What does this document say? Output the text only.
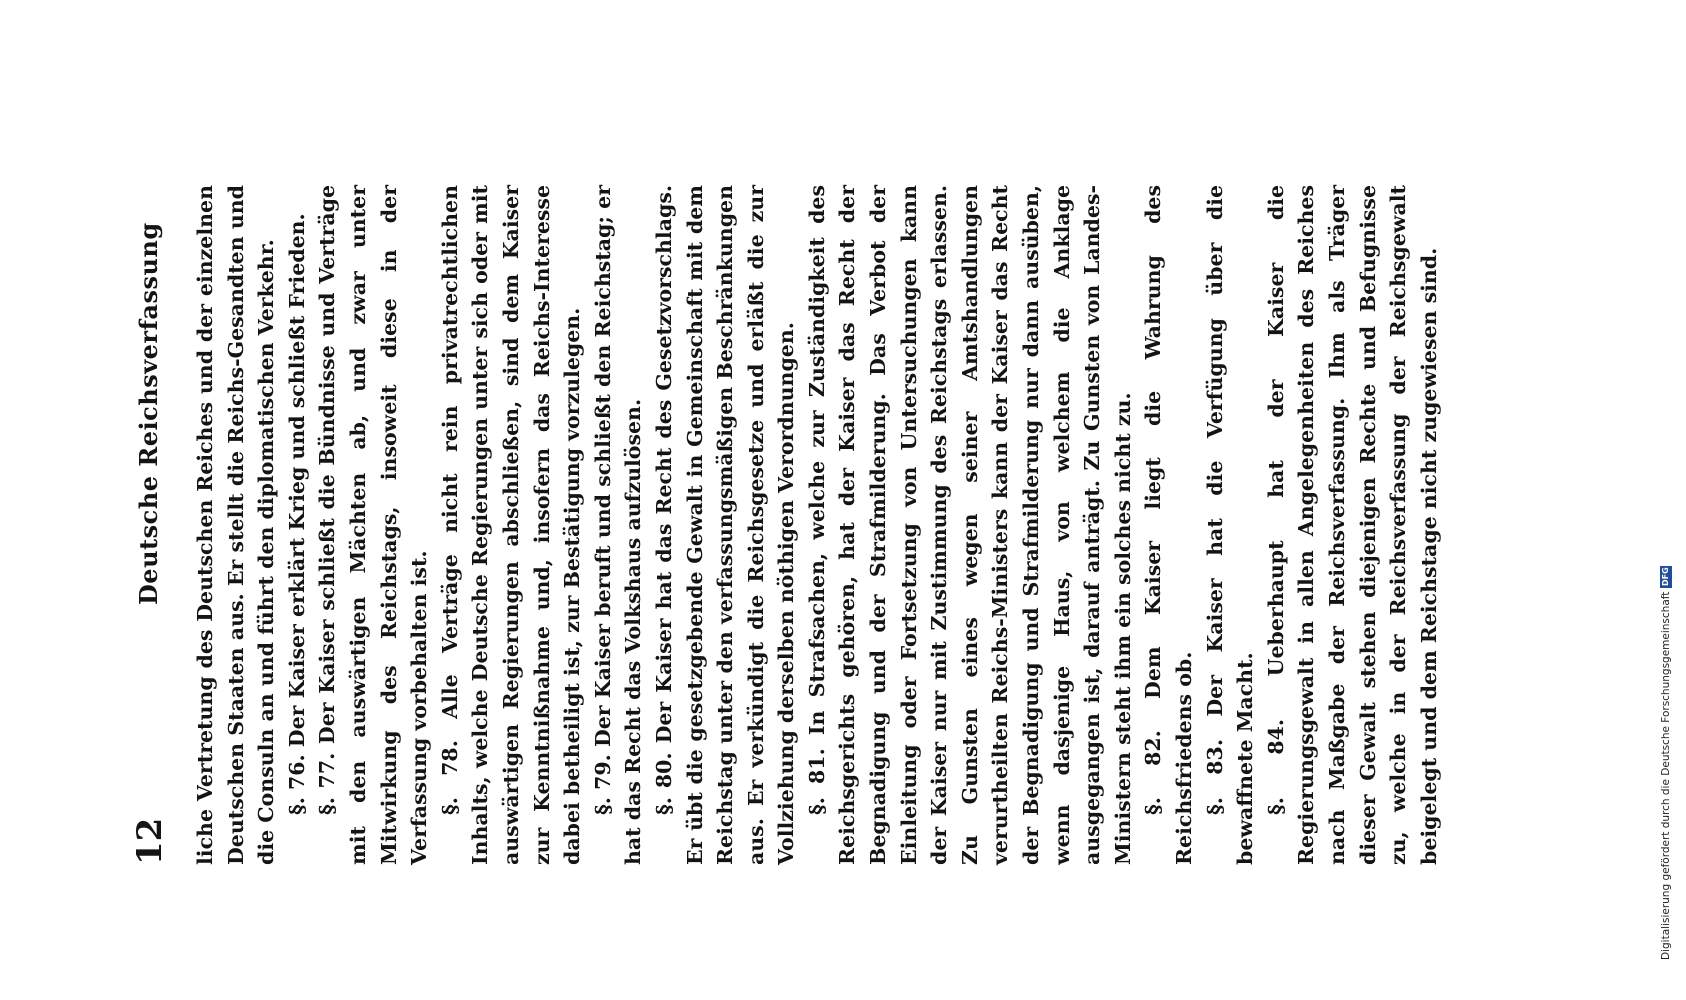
12
Deutsche Reichsverfassung liche Vertretung des Deutschen Reiches und der einzelnen Deutschen Staaten aus. Er stellt die Reichs-Gesandten und die Consuln an und führt den diplomatischen Verkehr. §. 76. Der Kaiser erklärt Krieg und schließt Frieden.

§. 77. Der Kaiser schließt die Bündnisse und Verträge mit den auswärtigen Mächten ab, und zwar unter Mitwirkung des Reichstags, insoweit diese in der Verfassung vorbehalten ist. §. 78. Alle Verträge nicht rein privatrechtlichen Inhalts, welche Deutsche Regierungen unter sich oder mit auswärtigen Regierungen abschließen, sind dem Kaiser zur Kenntnißnahme und, insofern das Reichs-Interesse dabei betheiligt ist, zur Bestätigung vorzulegen. §. 79. Der Kaiser beruft und schließt den Reichstag; er hat das Recht das Volkshaus aufzulösen. §. 80. Der Kaiser hat das Recht des Gesetzvorschlags. Er übt die gesetzgebende Gewalt in Gemeinschaft mit dem Reichstag unter den verfassungsmäßigen Beschränkungen aus. Er verkündigt die Reichsgesetze und erläßt die zur Vollziehung derselben nöthigen Verordnungen. §. 81. In Strafsachen, welche zur Zuständigkeit des Reichsgerichts gehören, hat der Kaiser das Recht der Begnadigung und der Strafmilderung. Das Verbot der Einleitung oder Fortsetzung von Untersuchungen kann der Kaiser nur mit Zustimmung des Reichstags erlassen. Zu Gunsten eines wegen seiner Amtshandlungen verurtheilten Reichs-Ministers kann der Kaiser das Recht der Begnadigung und Strafmilderung nur dann ausüben, wenn dasjenige Haus, von welchem die Anklage ausgegangen ist, darauf anträgt. Zu Gunsten von Landes-Ministern steht ihm ein solches nicht zu. §. 82. Dem Kaiser liegt die Wahrung des Reichsfriedens ob. §. 83. Der Kaiser hat die Verfügung über die bewaffnete Macht. §. 84. Ueberhaupt hat der Kaiser die Regierungsgewalt in allen Angelegenheiten des Reiches nach Maßgabe der Reichsverfassung. Ihm als Träger dieser Gewalt stehen diejenigen Rechte und Befugnisse zu, welche in der Reichsverfassung der Reichsgewalt beigelegt und dem Reichstage nicht zugewiesen sind.	Digitalisierung gefördert durch die Deutsche Forschungsgemeinschaft
DFG
